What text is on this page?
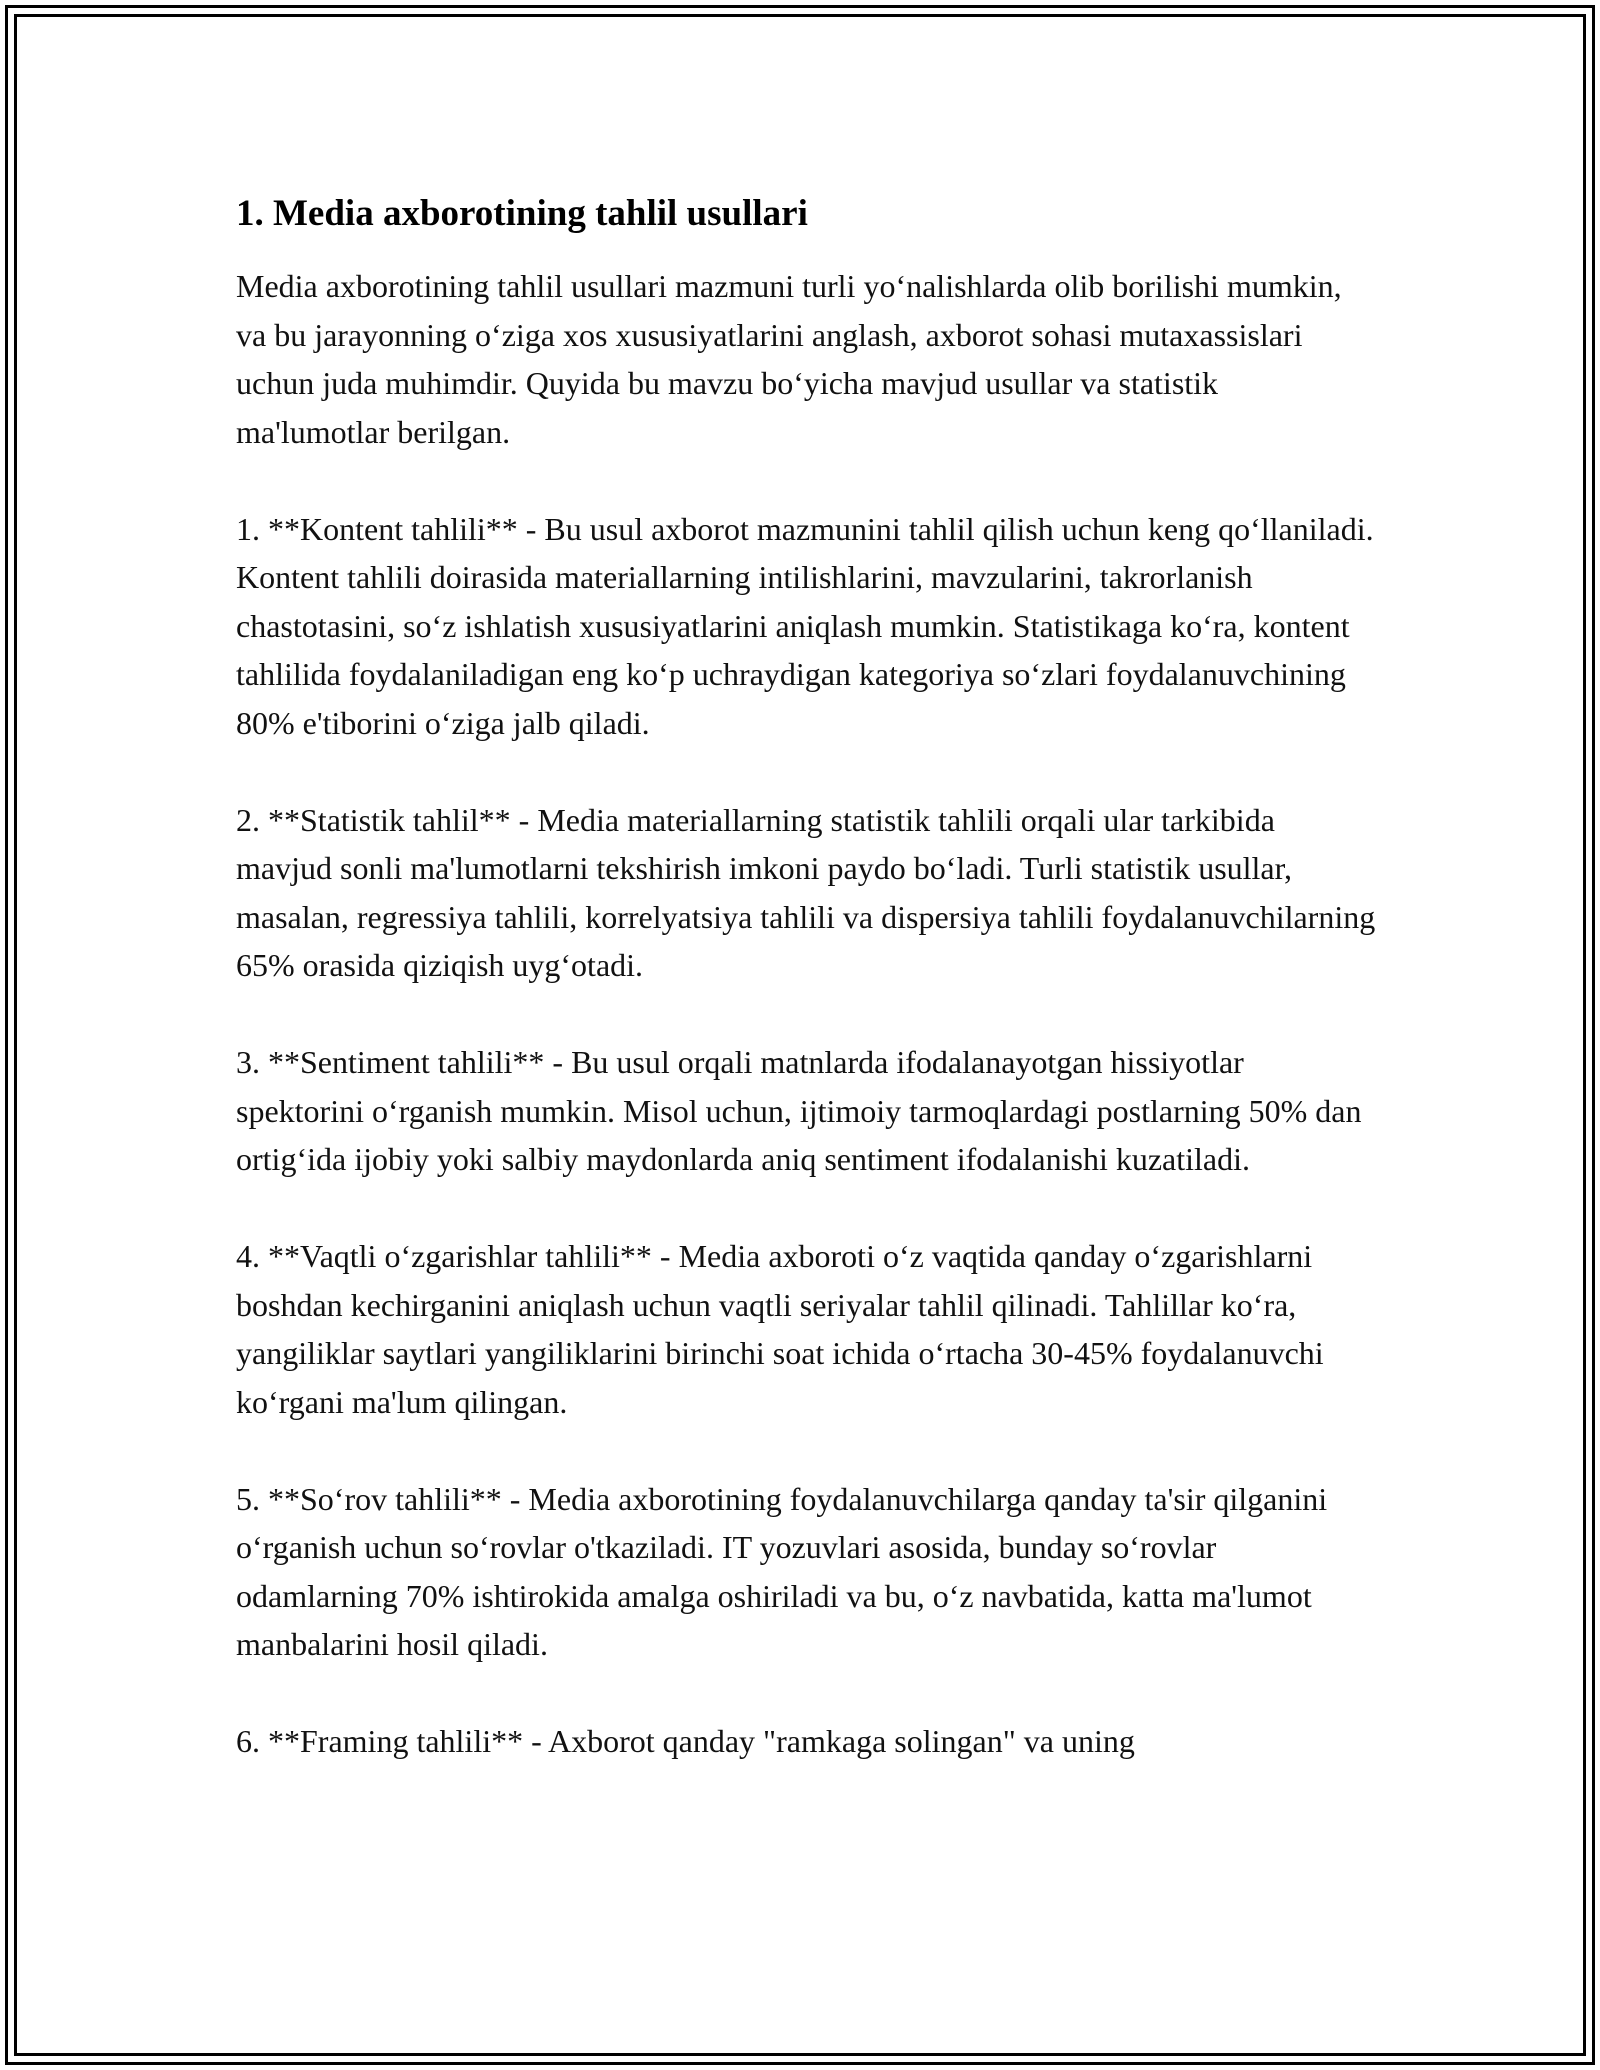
1. Media axborotining tahlil usullari

Media axborotining tahlil usullari mazmuni turli yo‘nalishlarda olib borilishi mumkin, va bu jarayonning o‘ziga xos xususiyatlarini anglash, axborot sohasi mutaxassislari uchun juda muhimdir. Quyida bu mavzu bo‘yicha mavjud usullar va statistik ma'lumotlar berilgan.

1. **Kontent tahlili** - Bu usul axborot mazmunini tahlil qilish uchun keng qo‘llaniladi. Kontent tahlili doirasida materiallarning intilishlarini, mavzularini, takrorlanish chastotasini, so‘z ishlatish xususiyatlarini aniqlash mumkin. Statistikaga ko‘ra, kontent tahlilida foydalaniladigan eng ko‘p uchraydigan kategoriya so‘zlari foydalanuvchining 80% e'tiborini o‘ziga jalb qiladi.

2. **Statistik tahlil** - Media materiallarning statistik tahlili orqali ular tarkibida mavjud sonli ma'lumotlarni tekshirish imkoni paydo bo‘ladi. Turli statistik usullar, masalan, regressiya tahlili, korrelyatsiya tahlili va dispersiya tahlili foydalanuvchilarning 65% orasida qiziqish uyg‘otadi.

3. **Sentiment tahlili** - Bu usul orqali matnlarda ifodalanayotgan hissiyotlar spektorini o‘rganish mumkin. Misol uchun, ijtimoiy tarmoqlardagi postlarning 50% dan ortig‘ida ijobiy yoki salbiy maydonlarda aniq sentiment ifodalanishi kuzatiladi.

4. **Vaqtli o‘zgarishlar tahlili** - Media axboroti o‘z vaqtida qanday o‘zgarishlarni boshdan kechirganini aniqlash uchun vaqtli seriyalar tahlil qilinadi. Tahlillar ko‘ra, yangiliklar saytlari yangiliklarini birinchi soat ichida o‘rtacha 30-45% foydalanuvchi ko‘rgani ma'lum qilingan.

5. **So‘rov tahlili** - Media axborotining foydalanuvchilarga qanday ta'sir qilganini o‘rganish uchun so‘rovlar o'tkaziladi. IT yozuvlari asosida, bunday so‘rovlar odamlarning 70% ishtirokida amalga oshiriladi va bu, o‘z navbatida, katta ma'lumot manbalarini hosil qiladi.

6. **Framing tahlili** - Axborot qanday "ramkaga solingan" va uning
